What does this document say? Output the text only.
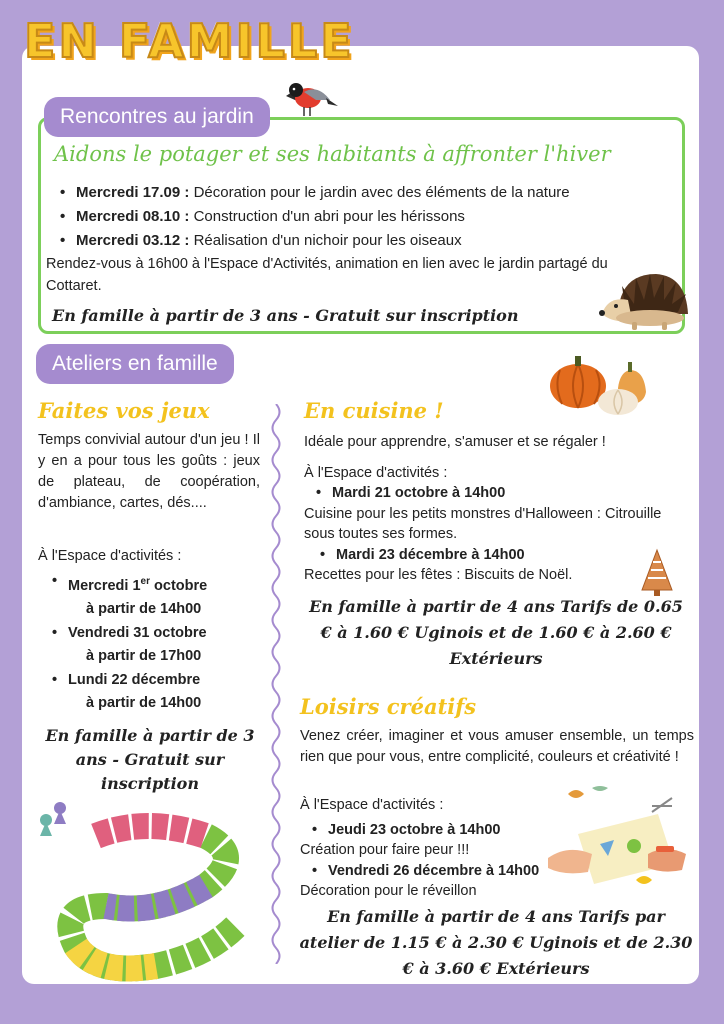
EN FAMILLE
Rencontres au jardin
Aidons le potager et ses habitants à affronter l'hiver
• Mercredi 17.09 : Décoration pour le jardin avec des éléments de la nature
• Mercredi 08.10 : Construction d'un abri pour les hérissons
• Mercredi 03.12 : Réalisation d'un nichoir pour les oiseaux
Rendez-vous à 16h00 à l'Espace d'Activités, animation en lien avec le jardin partagé du Cottaret.
En famille à partir de 3 ans - Gratuit sur inscription
Ateliers en famille
Faites vos jeux
Temps convivial autour d'un jeu ! Il y en a pour tous les goûts : jeux de plateau, de coopération, d'ambiance, cartes, dés....
À l'Espace d'activités :
• Mercredi 1er octobre
à partir de 14h00
• Vendredi 31 octobre
à partir de 17h00
• Lundi 22 décembre
à partir de 14h00
En famille à partir de 3 ans - Gratuit sur inscription
En cuisine !
Idéale pour apprendre, s'amuser et se régaler !
À l'Espace d'activités :
• Mardi 21 octobre à 14h00
Cuisine pour les petits monstres d'Halloween : Citrouille sous toutes ses formes.
• Mardi 23 décembre à 14h00
Recettes pour les fêtes : Biscuits de Noël.
En famille à partir de 4 ans Tarifs de 0.65 € à 1.60 € Uginois et de 1.60 € à 2.60 € Extérieurs
Loisirs créatifs
Venez créer, imaginer et vous amuser ensemble, un temps rien que pour vous, entre complicité, couleurs et créativité !
À l'Espace d'activités :
• Jeudi 23 octobre à 14h00
Création pour faire peur !!!
• Vendredi 26 décembre à 14h00
Décoration pour le réveillon
En famille à partir de 4 ans Tarifs par atelier de 1.15 € à 2.30 € Uginois et de 2.30 € à 3.60 € Extérieurs
